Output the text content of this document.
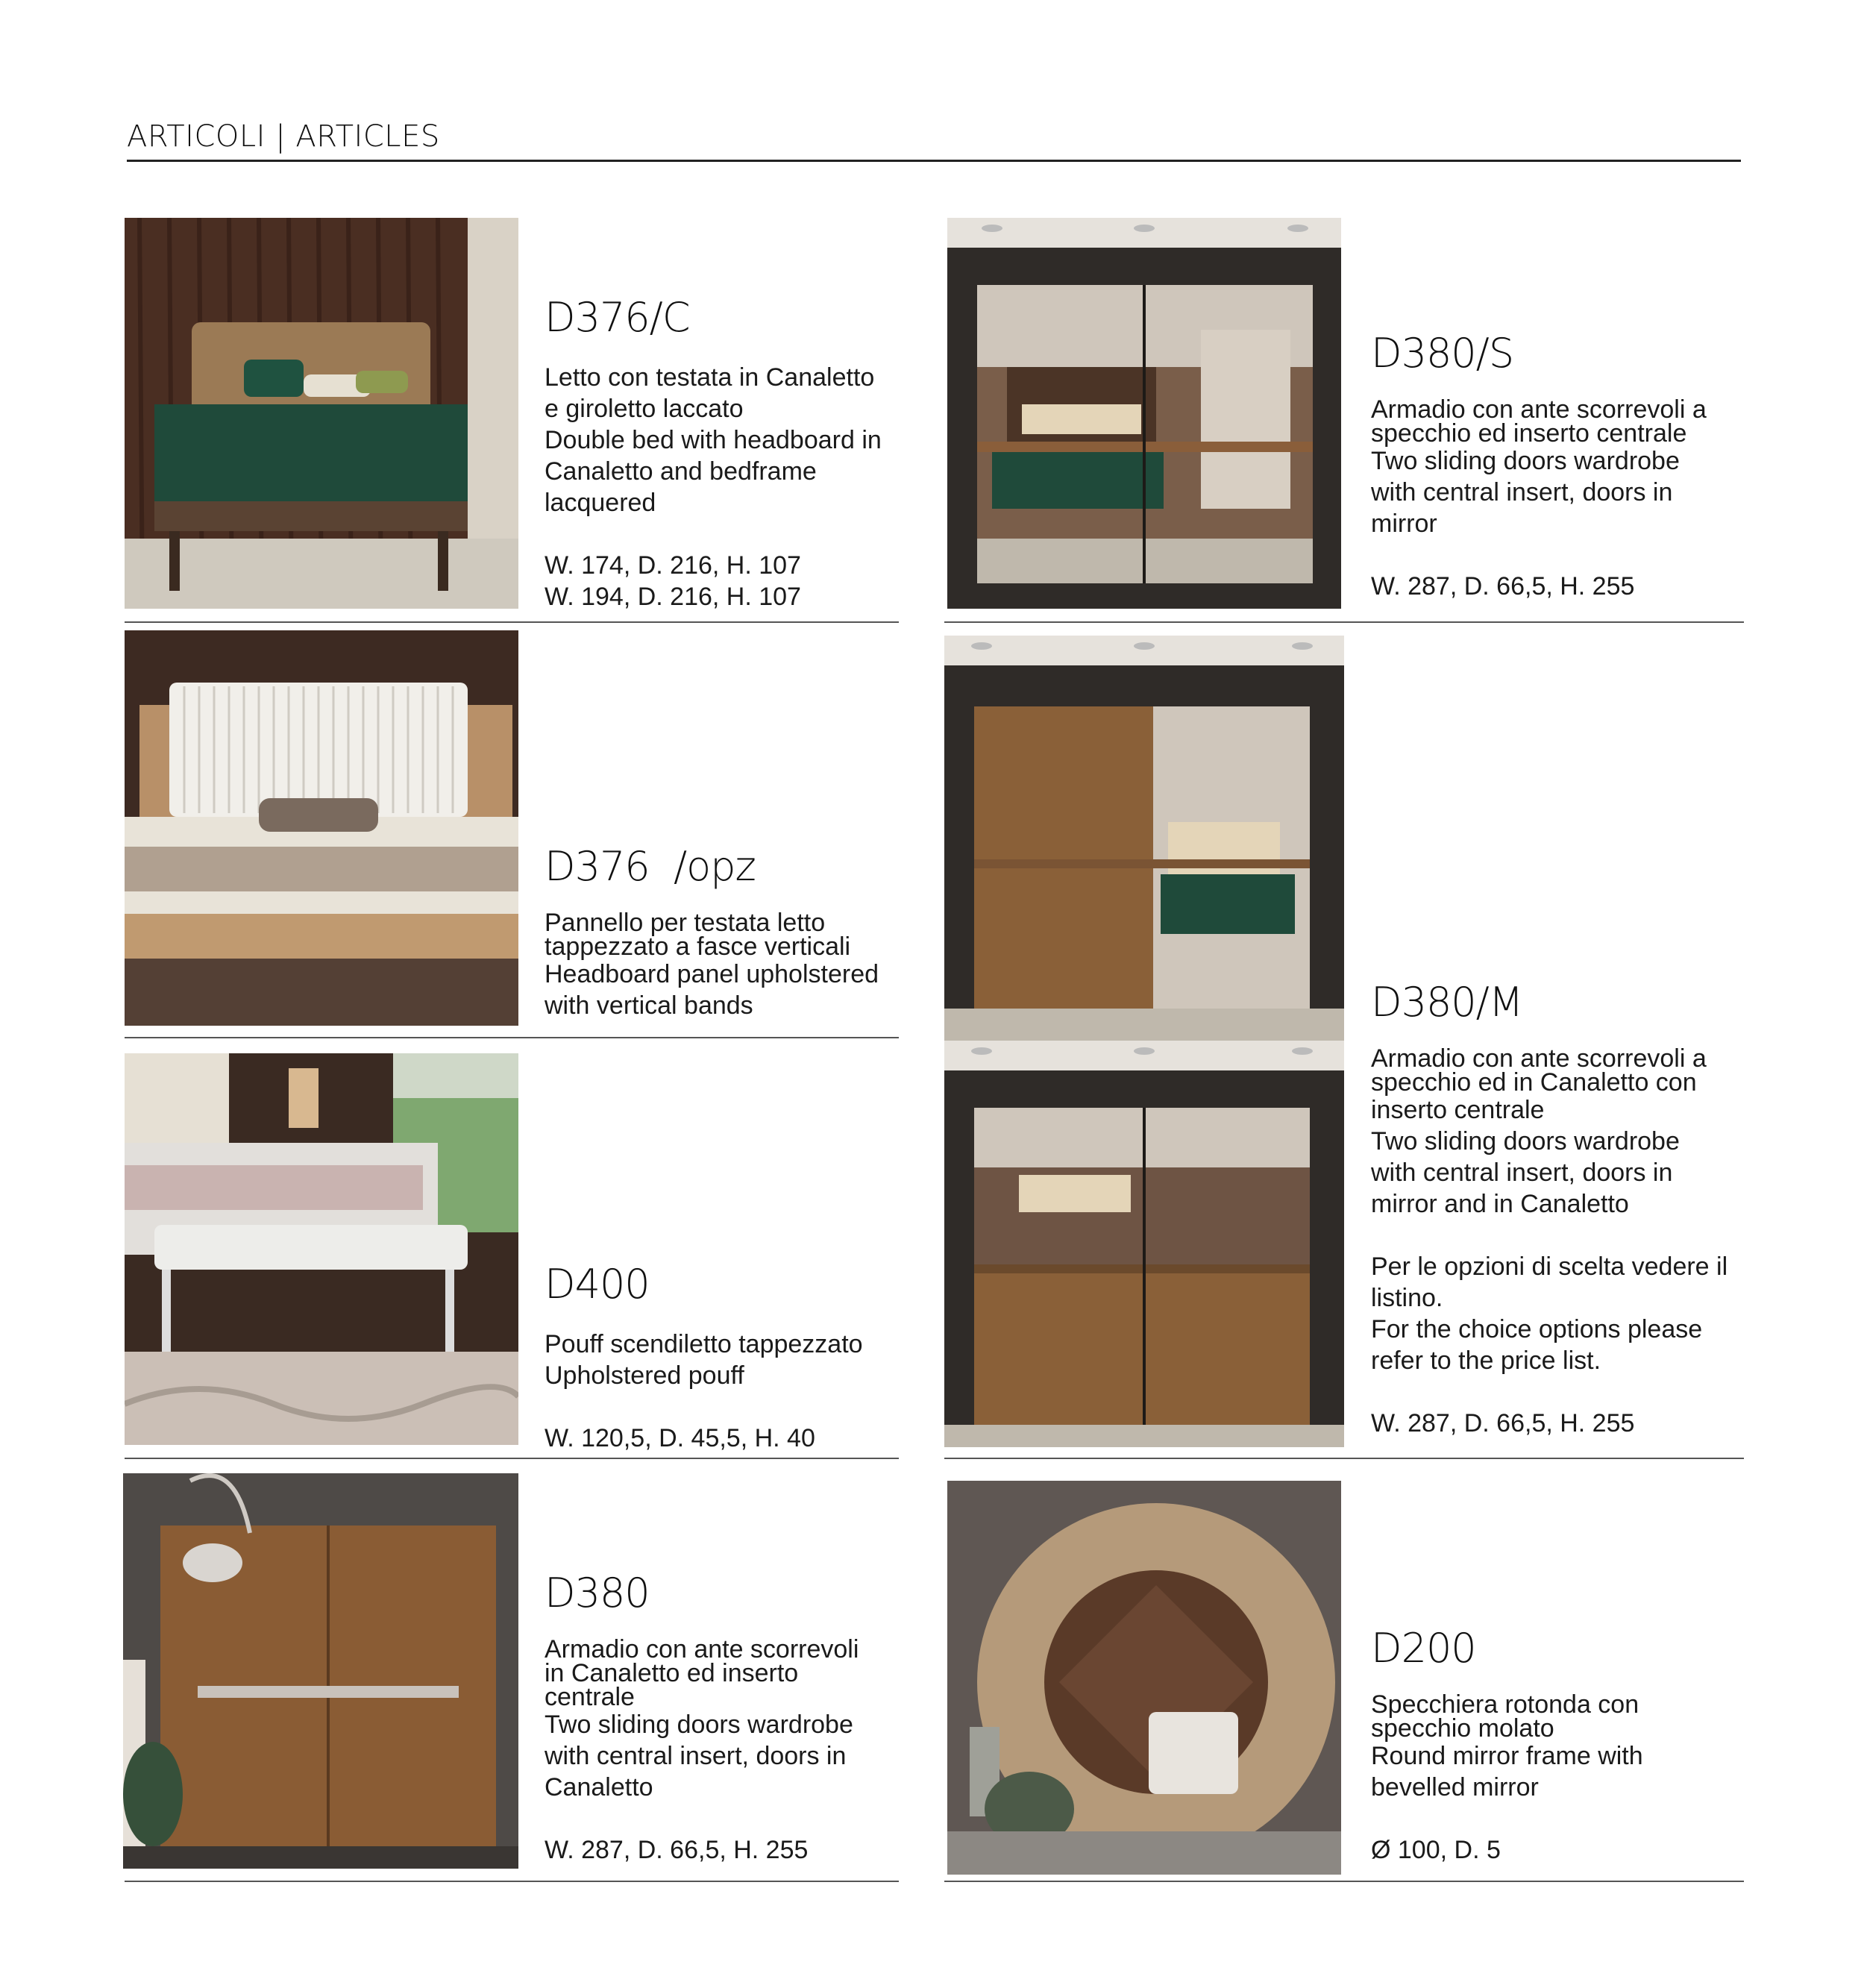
ARTICOLI | ARTICLES
D376/C
Letto con testata in Canaletto
e giroletto laccato
Double bed with headboard in
Canaletto and bedframe
lacquered
W. 174, D. 216, H. 107
W. 194, D. 216, H. 107
D380/S
Armadio con ante scorrevoli a
specchio ed inserto centrale
Two sliding doors wardrobe
with central insert, doors in
mirror
W. 287, D. 66,5, H. 255
D376  /opz
Pannello per testata letto
tappezzato a fasce verticali
Headboard panel upholstered
with vertical bands	D380/M
Armadio con ante scorrevoli a
specchio ed in Canaletto con
inserto centrale
Two sliding doors wardrobe
with central insert, doors in
mirror and in Canaletto
Per le opzioni di scelta vedere il
listino.
For the choice options please
refer to the price list.
W. 287, D. 66,5, H. 255
D400
Pouff scendiletto tappezzato
Upholstered pouff
W. 120,5, D. 45,5, H. 40
D380
Armadio con ante scorrevoli
in Canaletto ed inserto
centrale
Two sliding doors wardrobe
with central insert, doors in
Canaletto
W. 287, D. 66,5, H. 255
D200
Specchiera rotonda con
specchio molato
Round mirror frame with
bevelled mirror
Ø 100, D. 5
